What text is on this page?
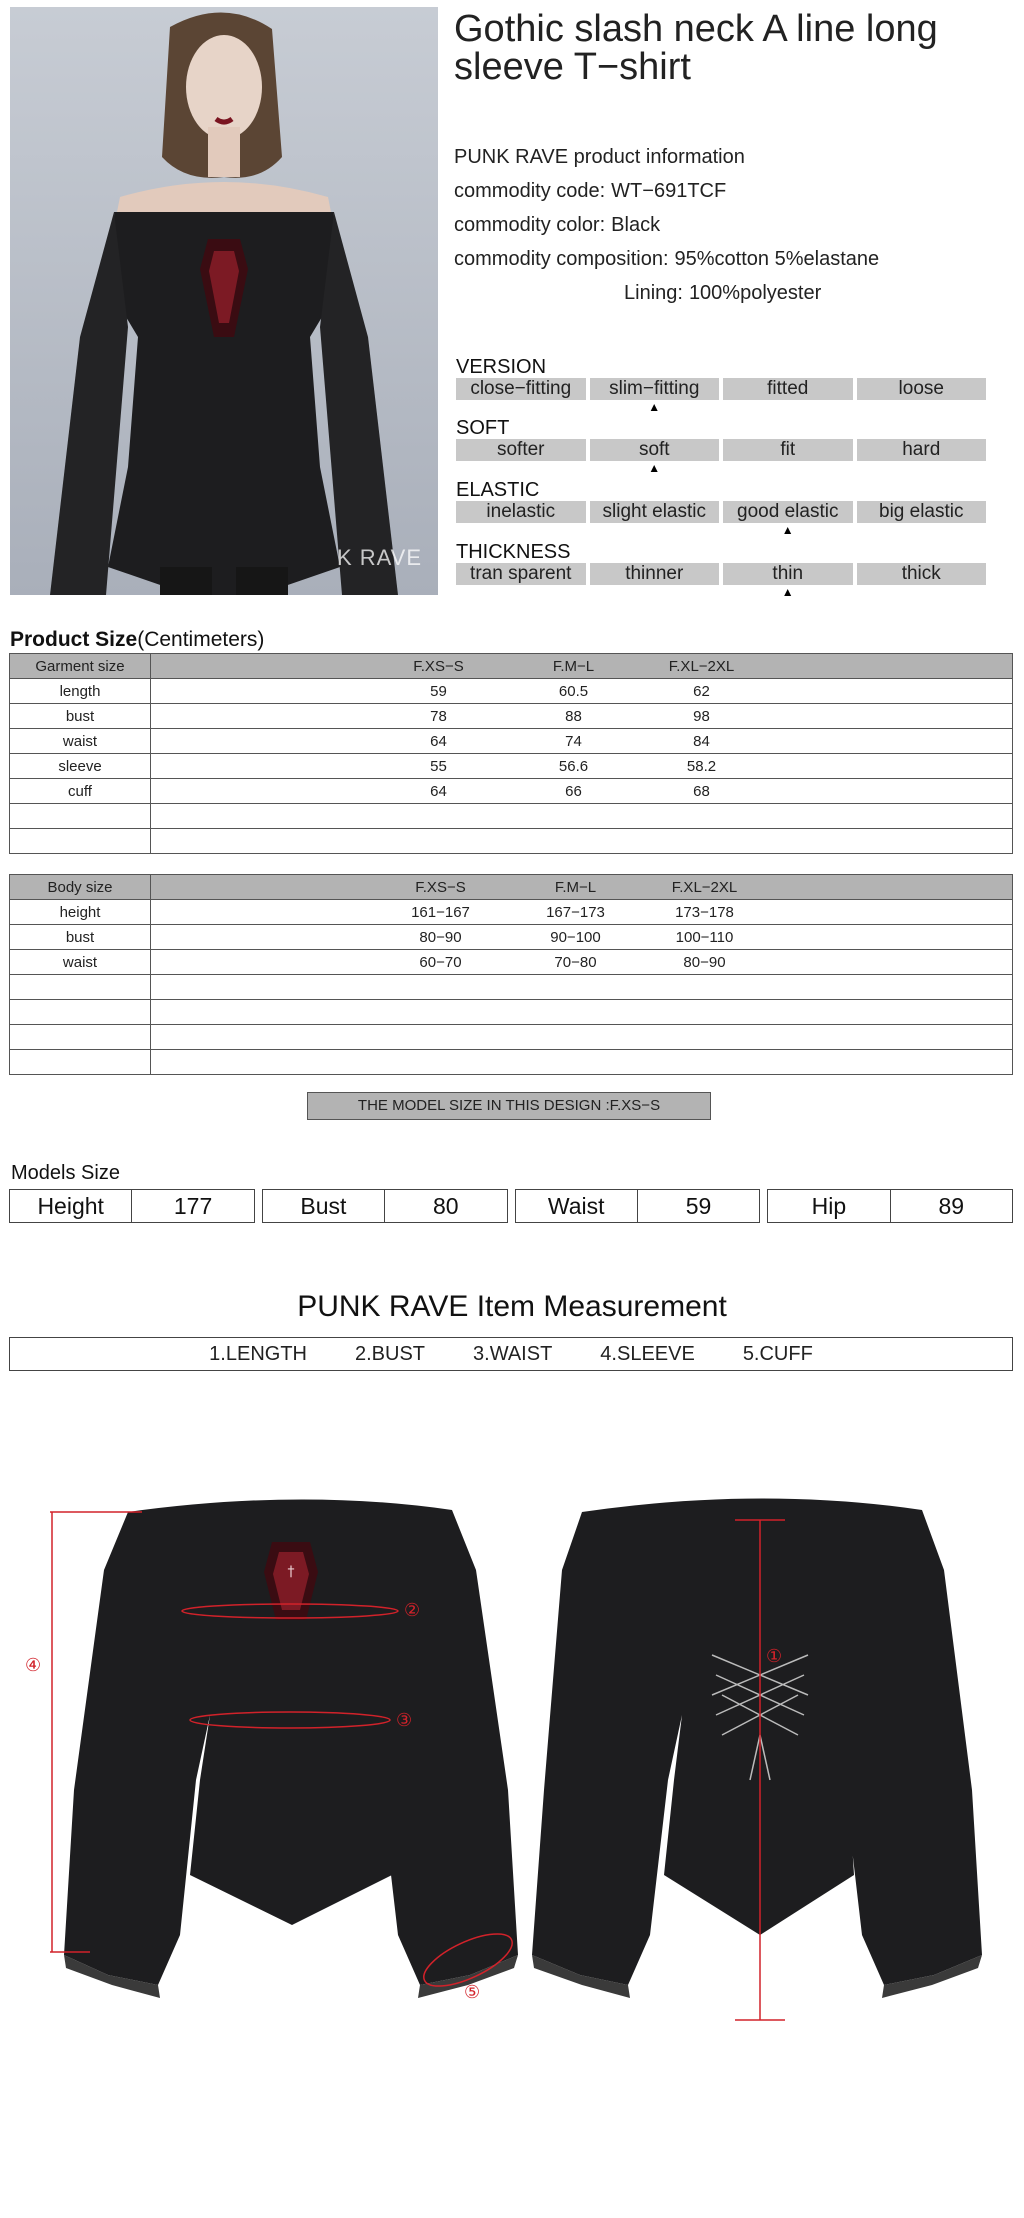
K RAVE
Gothic slash neck A line long sleeve T−shirt
PUNK RAVE product information
commodity code: WT−691TCF
commodity color: Black
commodity composition: 95%cotton 5%elastane
Lining: 100%polyester
VERSION
close−fitting	slim−fitting	fitted	loose
▲
SOFT
softer	soft	fit	hard
▲
ELASTIC
inelastic	slight elastic	good elastic	big elastic
▲
THICKNESS
tran sparent	thinner	thin	thick
▲
Product Size(Centimeters)
Garment size	F.XS−S F.M−L F.XL−2XL

length	59 60.5 62

bust	78 88 98

waist	64 74 84

sleeve	55 56.6 58.2

cuff	64 66 68

Body size	F.XS−S F.M−L F.XL−2XL

height	161−167 167−173 173−178

bust	80−90 90−100 100−110

waist	60−70 70−80 80−90

THE MODEL SIZE IN THIS DESIGN :F.XS−S
Models Size
Height	177	Bust	80	Waist	59	Hip	89
PUNK RAVE Item Measurement
1.LENGTH 2.BUST 3.WAIST 4.SLEEVE 5.CUFF
†
④
②
③
⑤
①
